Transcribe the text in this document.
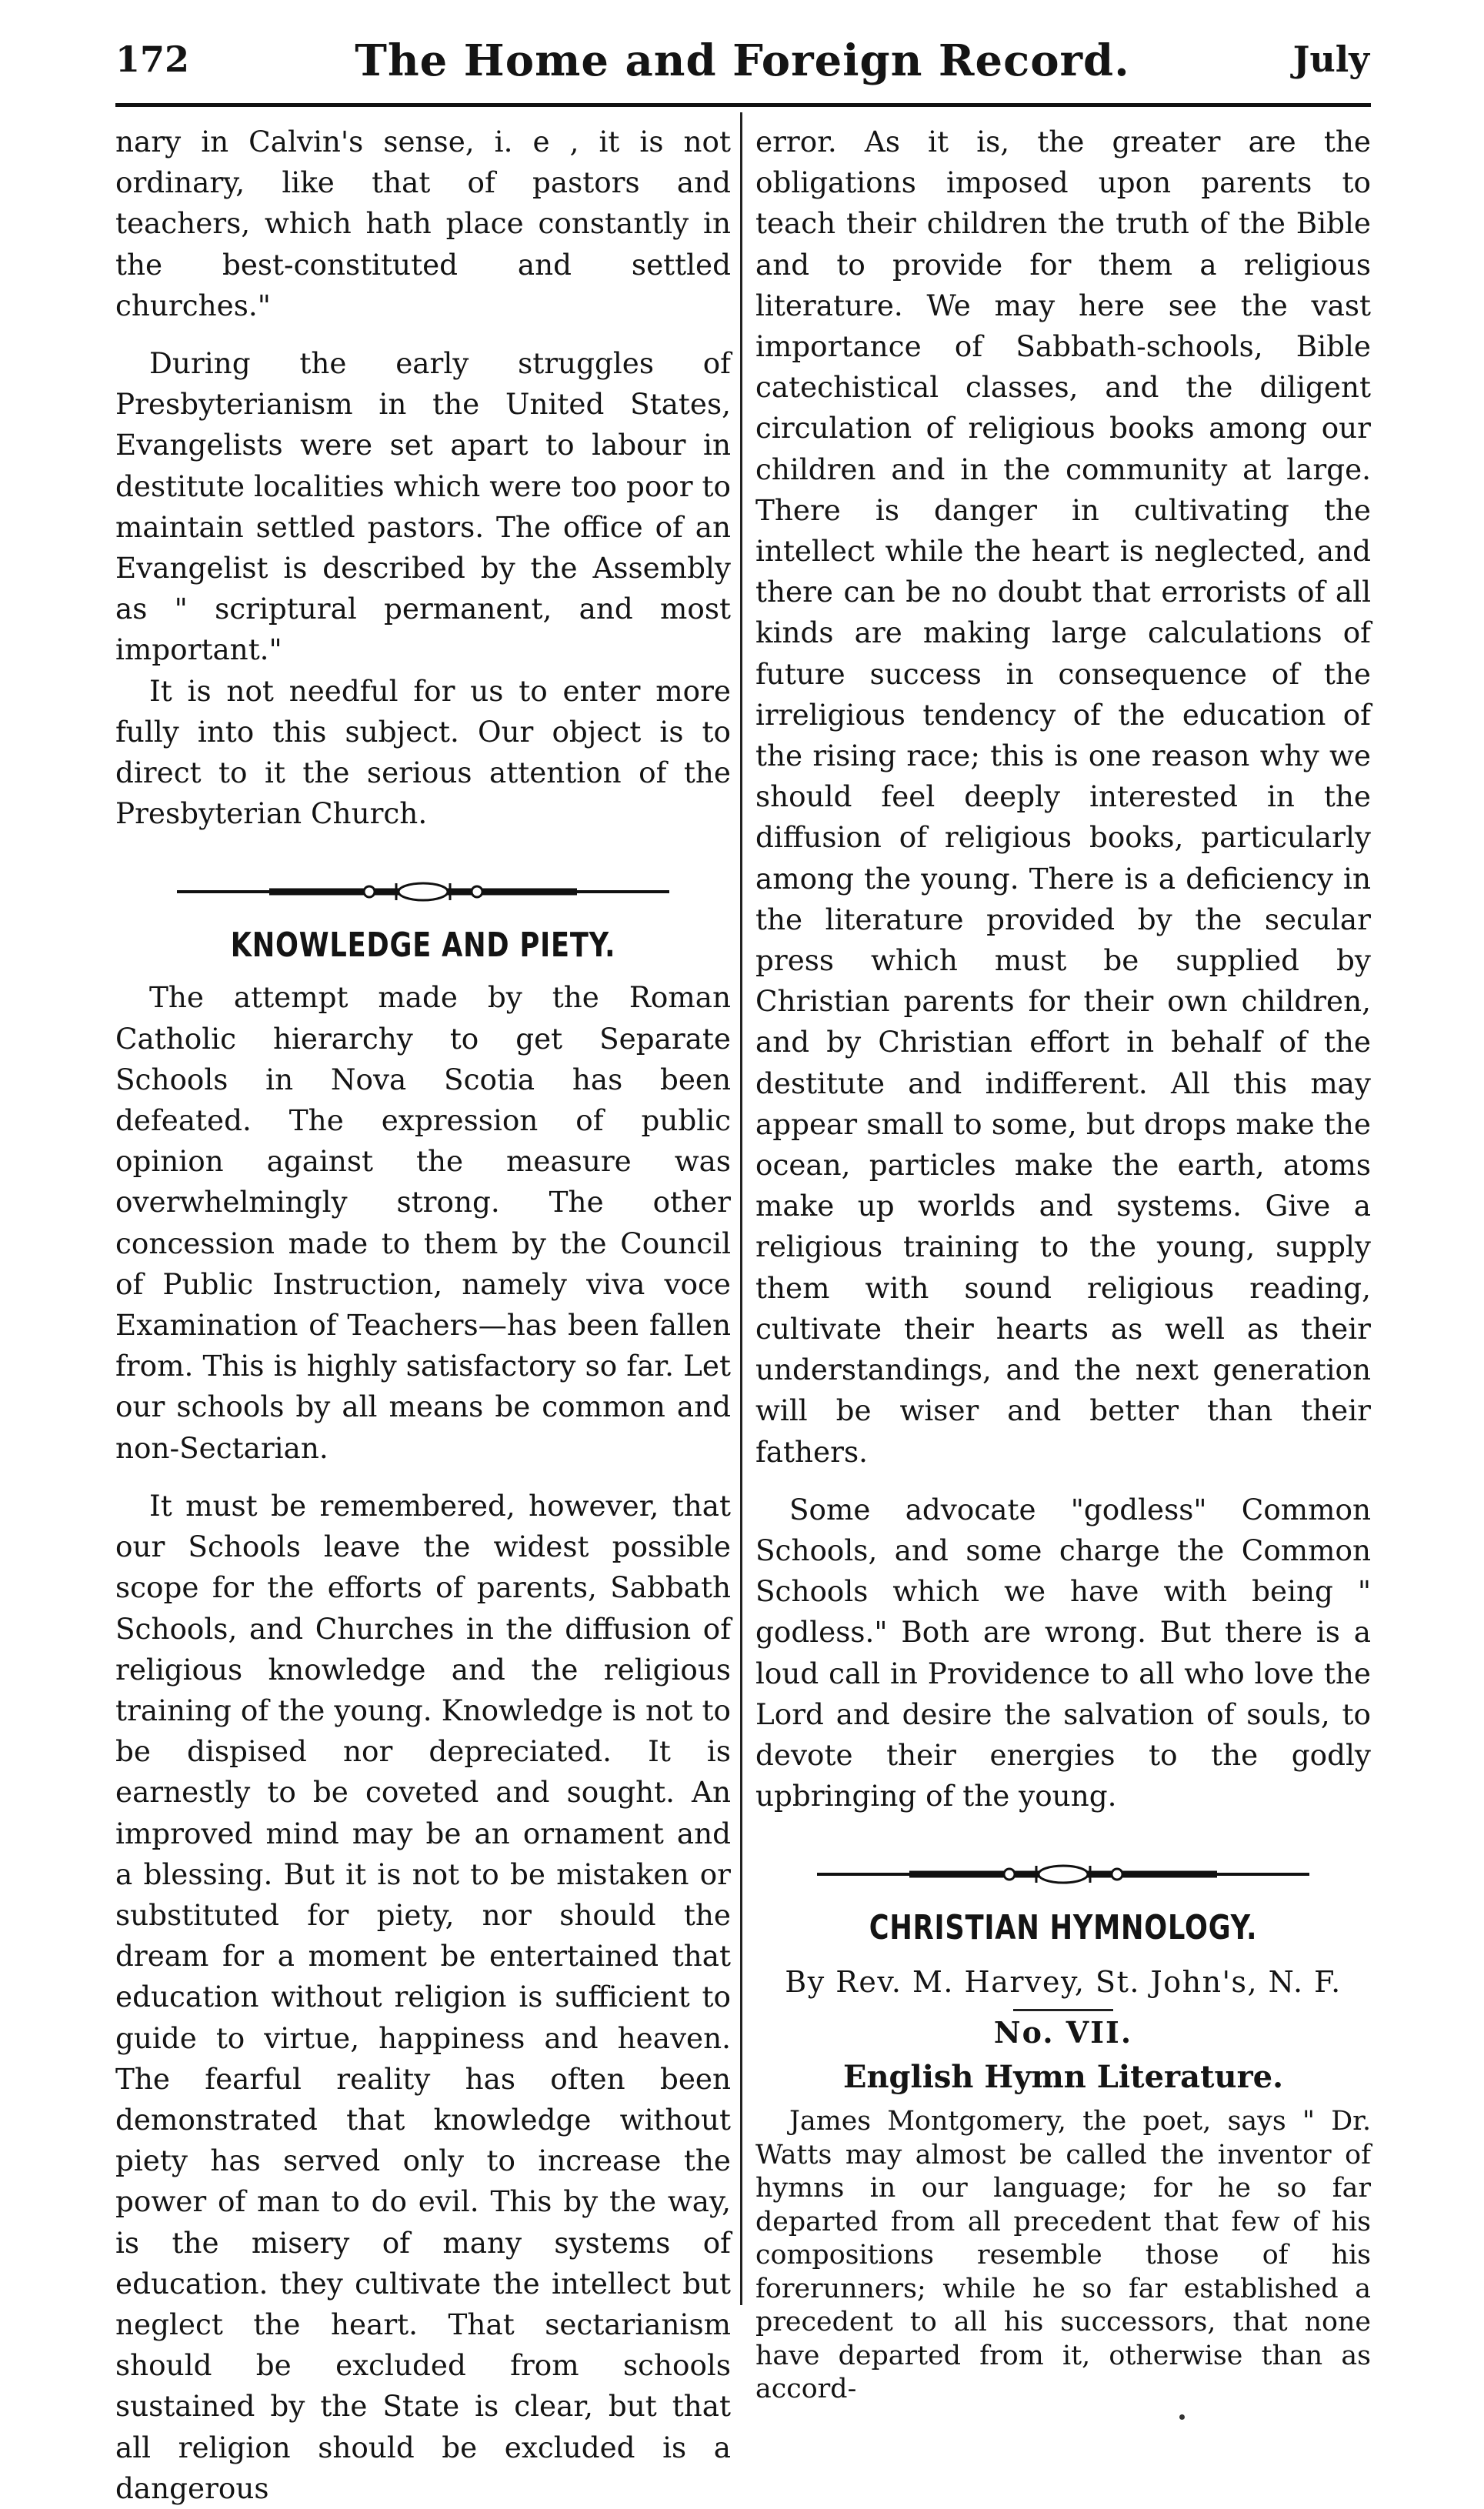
172	The Home and Foreign Record.	July

nary in Calvin's sense, i. e , it is not ordinary, like that of pastors and teachers, which hath place constantly in the best-constituted and settled churches."

During the early struggles of Presbyterianism in the United States, Evangelists were set apart to labour in destitute localities which were too poor to maintain settled pastors. The office of an Evangelist is described by the Assembly as " scriptural permanent, and most important."

It is not needful for us to enter more fully into this subject. Our object is to direct to it the serious attention of the Presbyterian Church.

KNOWLEDGE AND PIETY.

The attempt made by the Roman Catholic hierarchy to get Separate Schools in Nova Scotia has been defeated. The expression of public opinion against the measure was overwhelmingly strong. The other concession made to them by the Council of Public Instruction, namely viva voce Examination of Teachers—has been fallen from. This is highly satisfactory so far. Let our schools by all means be common and non-Sectarian.

It must be remembered, however, that our Schools leave the widest possible scope for the efforts of parents, Sabbath Schools, and Churches in the diffusion of religious knowledge and the religious training of the young. Knowledge is not to be dispised nor depreciated. It is earnestly to be coveted and sought. An improved mind may be an ornament and a blessing. But it is not to be mistaken or substituted for piety, nor should the dream for a moment be entertained that education without religion is sufficient to guide to virtue, happiness and heaven. The fearful reality has often been demonstrated that knowledge without piety has served only to increase the power of man to do evil. This by the way, is the misery of many systems of education. they cultivate the intellect but neglect the heart. That sectarianism should be excluded from schools sustained by the State is clear, but that all religion should be excluded is a dangerous

error. As it is, the greater are the obligations imposed upon parents to teach their children the truth of the Bible and to provide for them a religious literature. We may here see the vast importance of Sabbath-schools, Bible catechistical classes, and the diligent circulation of religious books among our children and in the community at large. There is danger in cultivating the intellect while the heart is neglected, and there can be no doubt that errorists of all kinds are making large calculations of future success in consequence of the irreligious tendency of the education of the rising race; this is one reason why we should feel deeply interested in the diffusion of religious books, particularly among the young. There is a deficiency in the literature provided by the secular press which must be supplied by Christian parents for their own children, and by Christian effort in behalf of the destitute and indifferent. All this may appear small to some, but drops make the ocean, particles make the earth, atoms make up worlds and systems. Give a religious training to the young, supply them with sound religious reading, cultivate their hearts as well as their understandings, and the next generation will be wiser and better than their fathers.

Some advocate "godless" Common Schools, and some charge the Common Schools which we have with being " godless." Both are wrong. But there is a loud call in Providence to all who love the Lord and desire the salvation of souls, to devote their energies to the godly upbringing of the young.

CHRISTIAN HYMNOLOGY.
By Rev. M. Harvey, St. John's, N. F.
No. VII.
English Hymn Literature.

James Montgomery, the poet, says " Dr. Watts may almost be called the inventor of hymns in our language; for he so far departed from all precedent that few of his compositions resemble those of his forerunners; while he so far established a precedent to all his successors, that none have departed from it, otherwise than as accord-
